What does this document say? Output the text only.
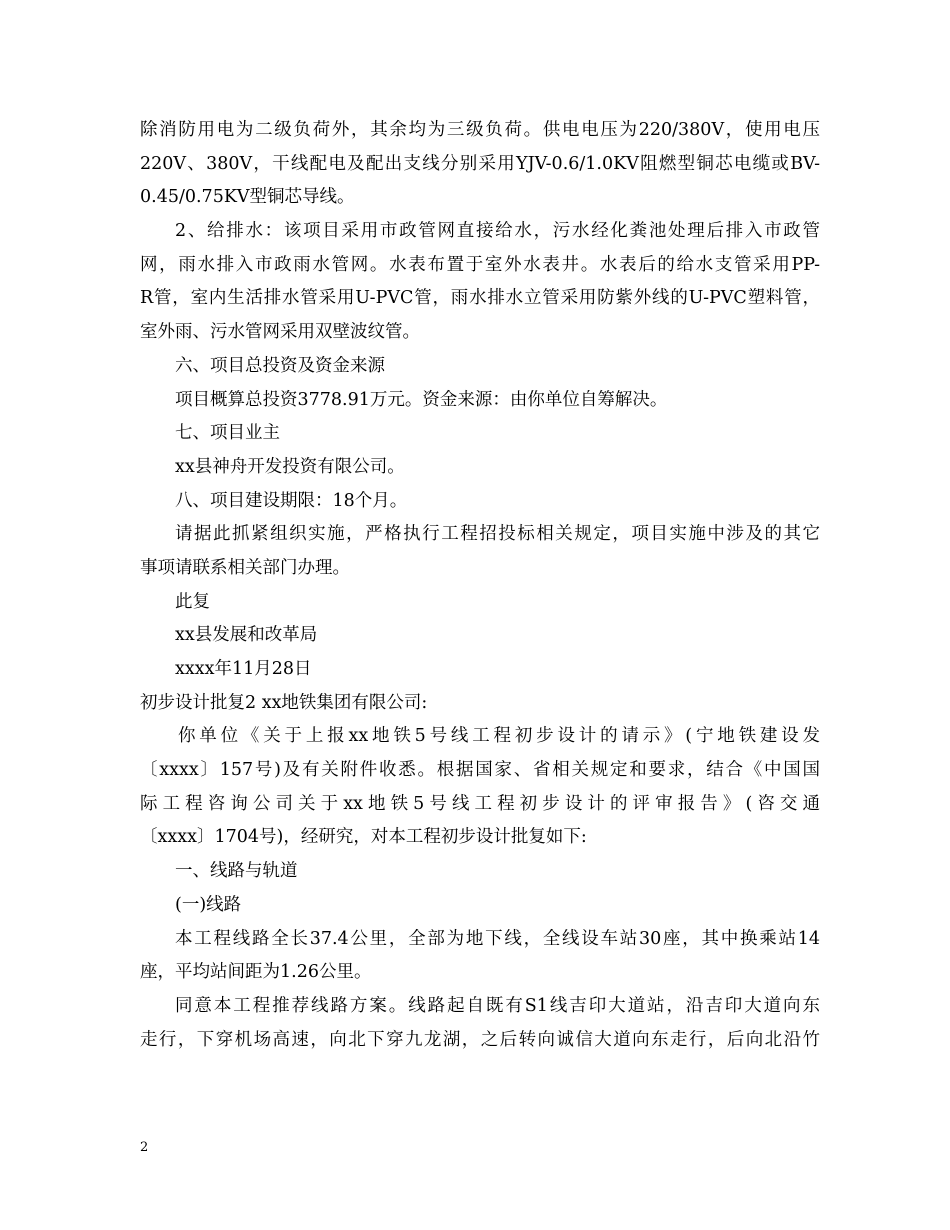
除消防用电为二级负荷外，其余均为三级负荷。供电电压为220/380V，使用电压
220V、380V，干线配电及配出支线分别采用YJV-0.6/1.0KV阻燃型铜芯电缆或BV-
0.45/0.75KV型铜芯导线。
2、给排水：该项目采用市政管网直接给水，污水经化粪池处理后排入市政管
网，雨水排入市政雨水管网。水表布置于室外水表井。水表后的给水支管采用PP-
R管，室内生活排水管采用U-PVC管，雨水排水立管采用防紫外线的U-PVC塑料管，
室外雨、污水管网采用双壁波纹管。
六、项目总投资及资金来源
项目概算总投资3778.91万元。资金来源：由你单位自筹解决。
七、项目业主
xx县神舟开发投资有限公司。
八、项目建设期限：18个月。
请据此抓紧组织实施，严格执行工程招投标相关规定，项目实施中涉及的其它
事项请联系相关部门办理。
此复
xx县发展和改革局
xxxx年11月28日
初步设计批复2 xx地铁集团有限公司:
你单位《关于上报xx地铁5号线工程初步设计的请示》(宁地铁建设发
〔xxxx〕157号)及有关附件收悉。根据国家、省相关规定和要求，结合《中国国
际工程咨询公司关于xx地铁5号线工程初步设计的评审报告》(咨交通
〔xxxx〕1704号)，经研究，对本工程初步设计批复如下:
一、线路与轨道
(一)线路
本工程线路全长37.4公里，全部为地下线，全线设车站30座，其中换乘站14
座，平均站间距为1.26公里。
同意本工程推荐线路方案。线路起自既有S1线吉印大道站，沿吉印大道向东
走行，下穿机场高速，向北下穿九龙湖，之后转向诚信大道向东走行，后向北沿竹
2
